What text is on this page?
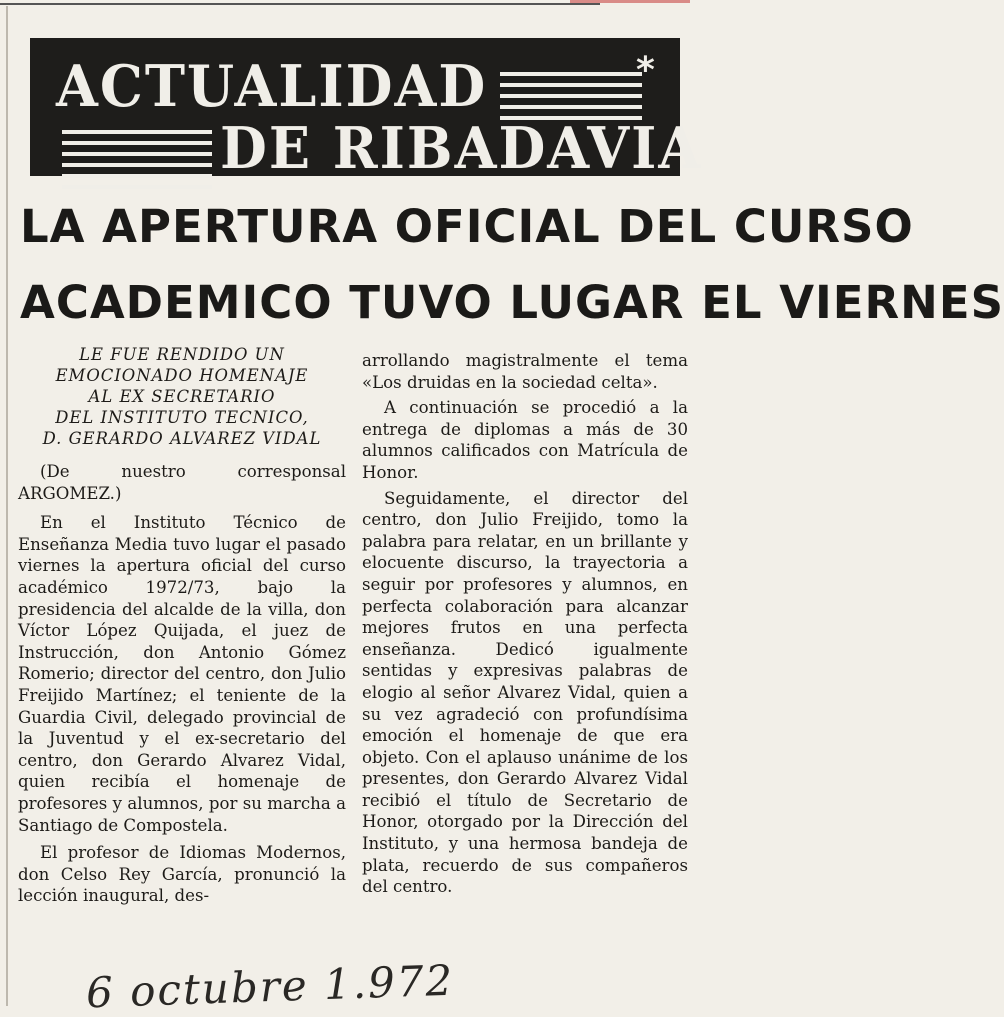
ACTUALIDAD	*
DE RIBADAVIA
LA APERTURA OFICIAL DEL CURSO
ACADEMICO TUVO LUGAR EL VIERNES
LE FUE RENDIDO UN
EMOCIONADO HOMENAJE
AL EX SECRETARIO
DEL INSTITUTO TECNICO,
D. GERARDO ALVAREZ VIDAL

(De nuestro corresponsal ARGOMEZ.)

En el Instituto Técnico de Enseñanza Media tuvo lugar el pasado viernes la apertura oficial del curso académico 1972/73, bajo la presidencia del alcalde de la villa, don Víctor López Quijada, el juez de Instrucción, don Antonio Gómez Romerio; director del centro, don Julio Freijido Martínez; el teniente de la Guardia Civil, delegado provincial de la Juventud y el ex-secretario del centro, don Gerardo Alvarez Vidal, quien recibía el homenaje de profesores y alumnos, por su marcha a Santiago de Compostela.

El profesor de Idiomas Modernos, don Celso Rey García, pronunció la lección inaugural, des-

arrollando magistralmente el tema «Los druidas en la sociedad celta».

A continuación se procedió a la entrega de diplomas a más de 30 alumnos calificados con Matrícula de Honor.

Seguidamente, el director del centro, don Julio Freijido, tomo la palabra para relatar, en un brillante y elocuente discurso, la trayectoria a seguir por profesores y alumnos, en perfecta colaboración para alcanzar mejores frutos en una perfecta enseñanza. Dedicó igualmente sentidas y expresivas palabras de elogio al señor Alvarez Vidal, quien a su vez agradeció con profundísima emoción el homenaje de que era objeto. Con el aplauso unánime de los presentes, don Gerardo Alvarez Vidal recibió el título de Secretario de Honor, otorgado por la Dirección del Instituto, y una hermosa bandeja de plata, recuerdo de sus compañeros del centro.

6 octubre 1.972
